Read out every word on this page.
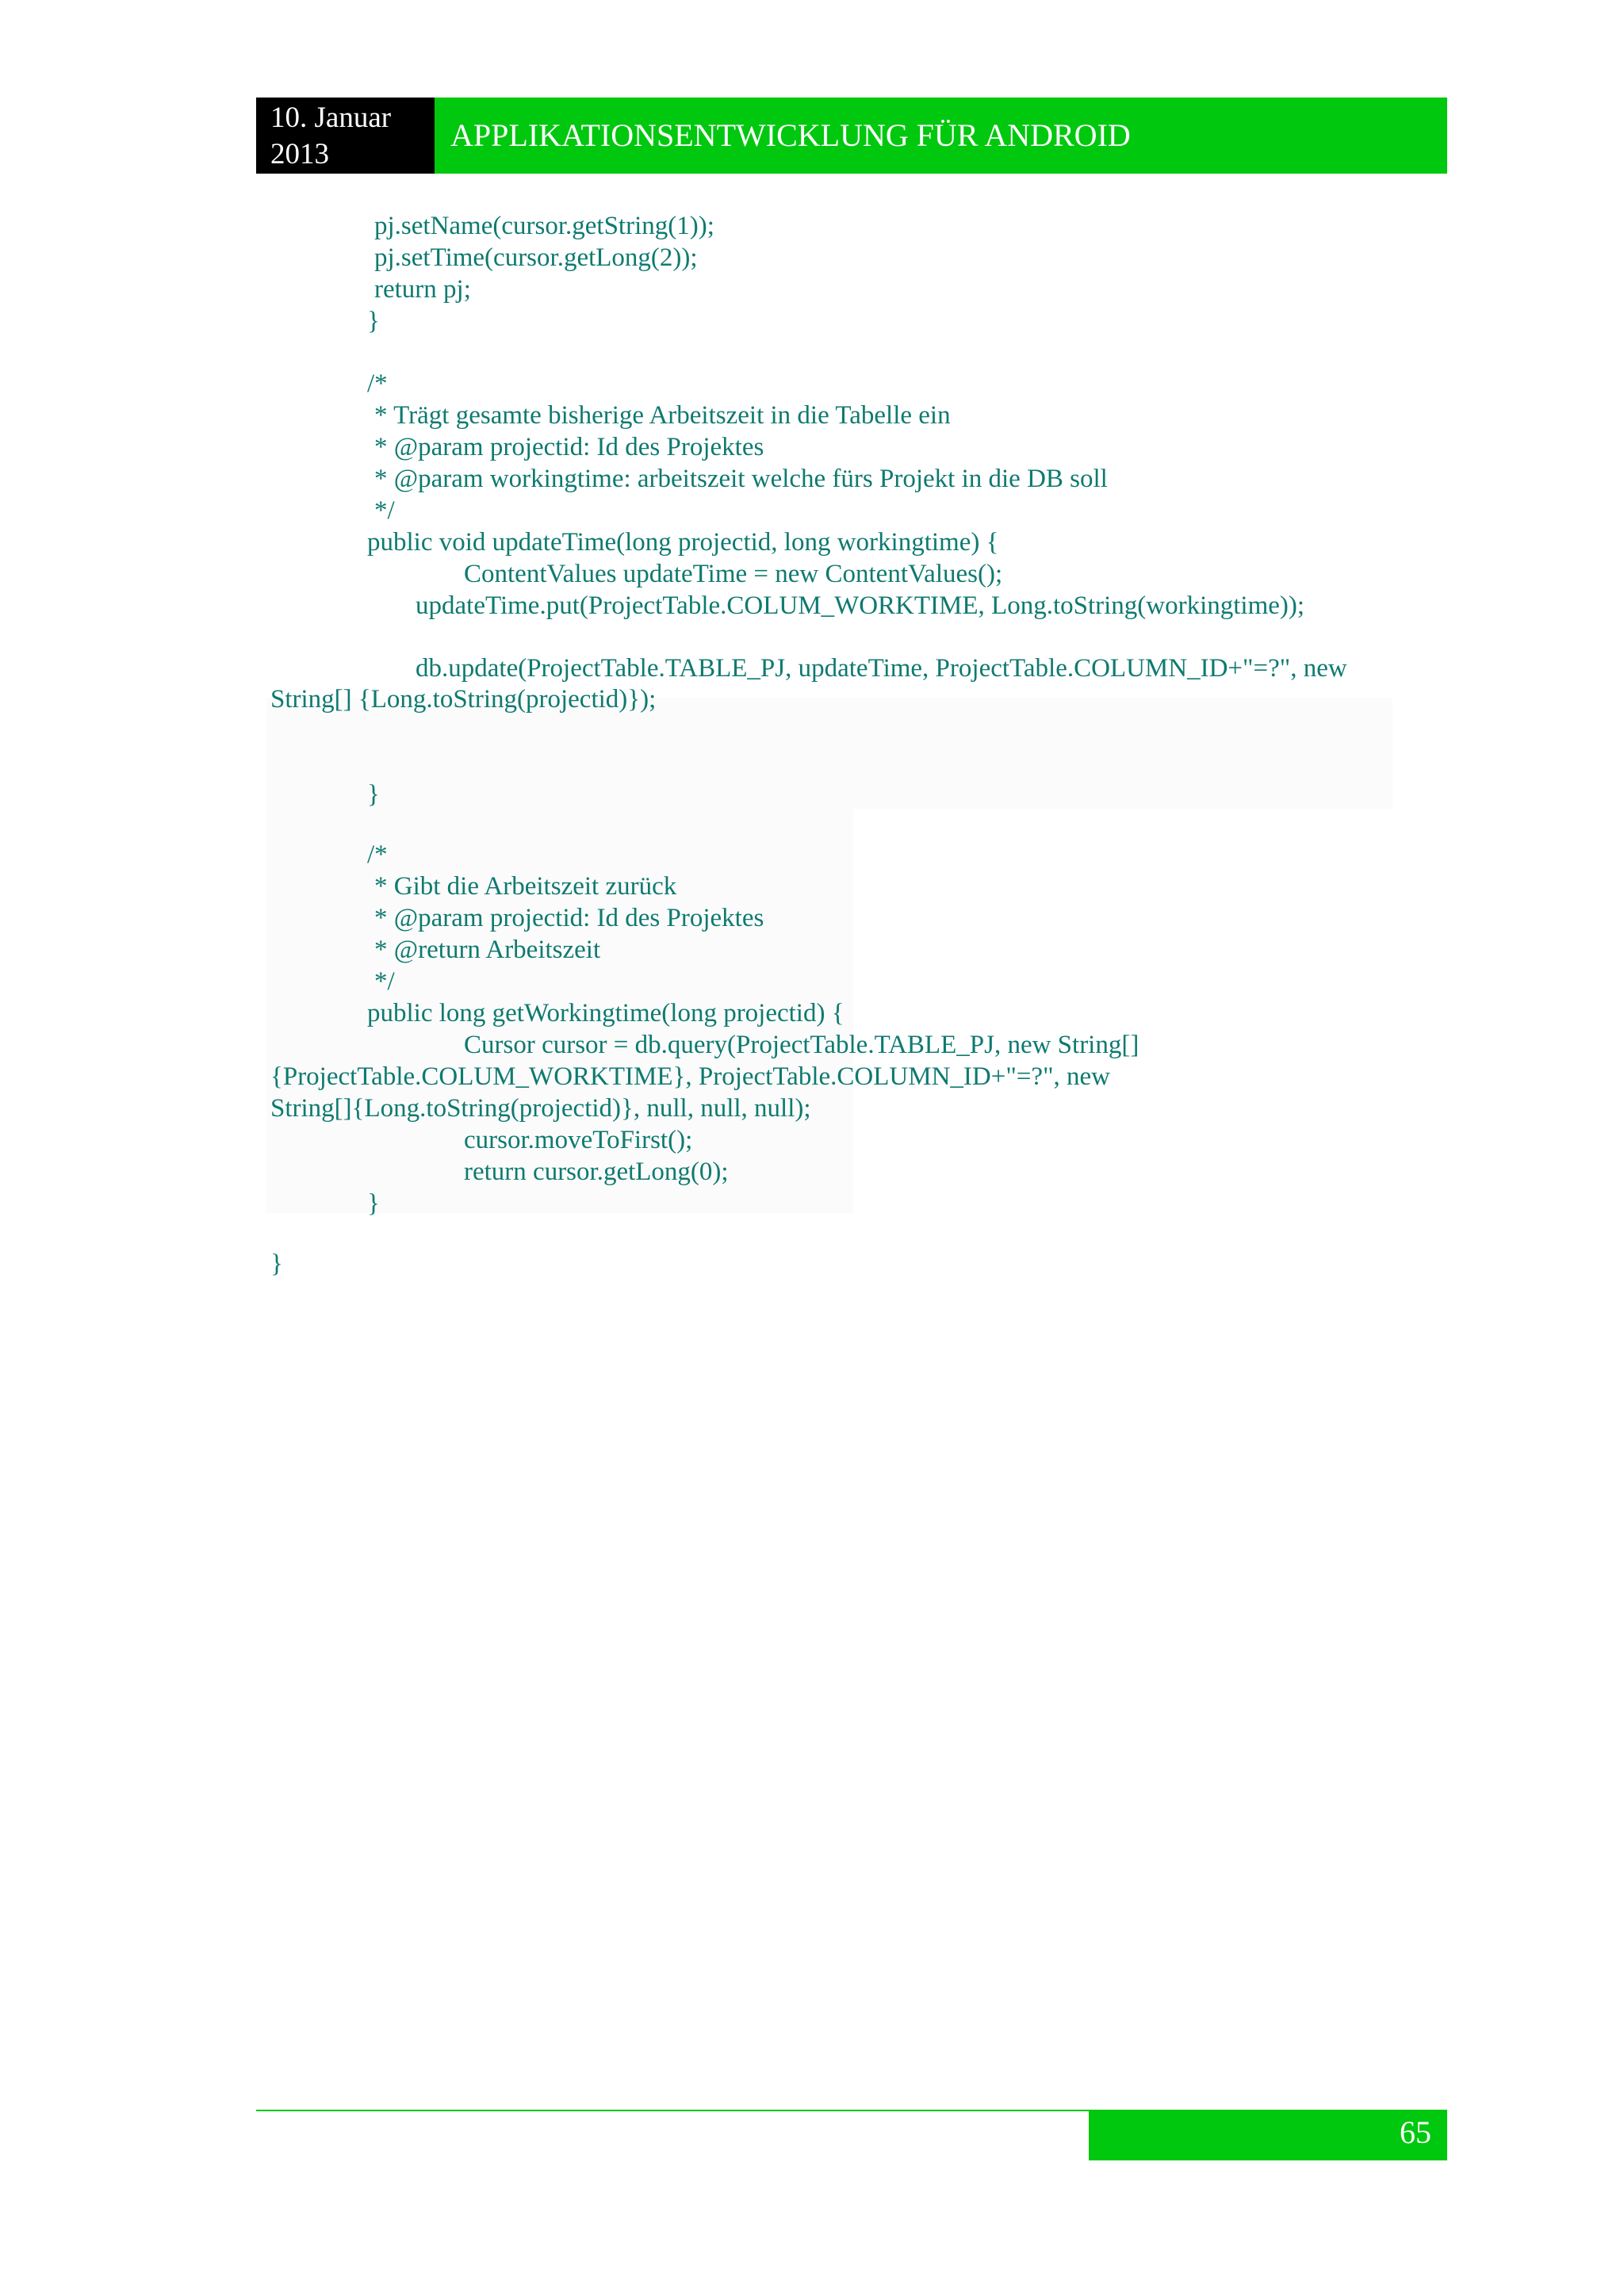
10. Januar
2013
APPLIKATIONSENTWICKLUNG FÜR ANDROID
pj.setName(cursor.getString(1));
pj.setTime(cursor.getLong(2));
return pj;
}
/*
* Trägt gesamte bisherige Arbeitszeit in die Tabelle ein
* @param projectid: Id des Projektes
* @param workingtime: arbeitszeit welche fürs Projekt in die DB soll
*/
public void updateTime(long projectid, long workingtime) {
ContentValues updateTime = new ContentValues();
updateTime.put(ProjectTable.COLUM_WORKTIME, Long.toString(workingtime));
db.update(ProjectTable.TABLE_PJ, updateTime, ProjectTable.COLUMN_ID+"=?", new
String[] {Long.toString(projectid)});
}
/*
* Gibt die Arbeitszeit zurück
* @param projectid: Id des Projektes
* @return Arbeitszeit
*/
public long getWorkingtime(long projectid) {
Cursor cursor = db.query(ProjectTable.TABLE_PJ, new String[]
{ProjectTable.COLUM_WORKTIME}, ProjectTable.COLUMN_ID+"=?", new
String[]{Long.toString(projectid)}, null, null, null);
cursor.moveToFirst();
return cursor.getLong(0);
}
}
65
